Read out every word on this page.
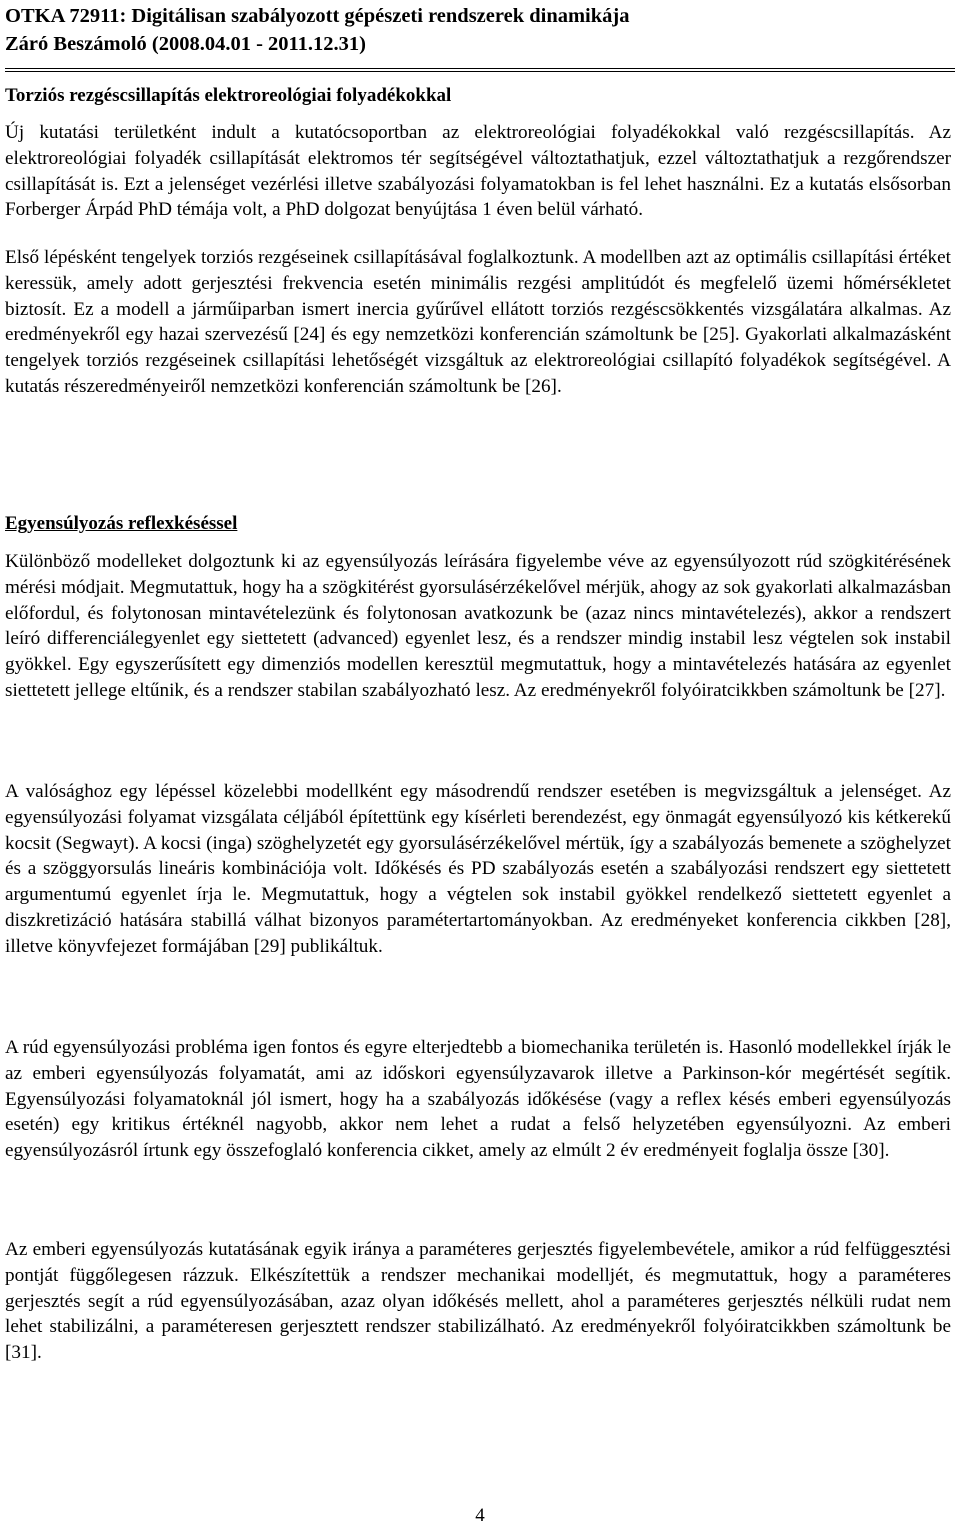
OTKA 72911: Digitálisan szabályozott gépészeti rendszerek dinamikája
Záró Beszámoló (2008.04.01 - 2011.12.31)
Torziós rezgéscsillapítás elektroreológiai folyadékokkal
Új kutatási területként indult a kutatócsoportban az elektroreológiai folyadékokkal való rezgéscsillapítás. Az elektroreológiai folyadék csillapítását elektromos tér segítségével változtathatjuk, ezzel változtathatjuk a rezgőrendszer csillapítását is. Ezt a jelenséget vezérlési illetve szabályozási folyamatokban is fel lehet használni. Ez a kutatás elsősorban Forberger Árpád PhD témája volt, a PhD dolgozat benyújtása 1 éven belül várható.
Első lépésként tengelyek torziós rezgéseinek csillapításával foglalkoztunk. A modellben azt az optimális csillapítási értéket keressük, amely adott gerjesztési frekvencia esetén minimális rezgési amplitúdót és megfelelő üzemi hőmérsékletet biztosít. Ez a modell a járműiparban ismert inercia gyűrűvel ellátott torziós rezgéscsökkentés vizsgálatára alkalmas. Az eredményekről egy hazai szervezésű [24] és egy nemzetközi konferencián számoltunk be [25]. Gyakorlati alkalmazásként tengelyek torziós rezgéseinek csillapítási lehetőségét vizsgáltuk az elektroreológiai csillapító folyadékok segítségével. A kutatás részeredményeiről nemzetközi konferencián számoltunk be [26].
Egyensúlyozás reflexkéséssel
Különböző modelleket dolgoztunk ki az egyensúlyozás leírására figyelembe véve az egyensúlyozott rúd szögkitérésének mérési módjait. Megmutattuk, hogy ha a szögkitérést gyorsulásérzékelővel mérjük, ahogy az sok gyakorlati alkalmazásban előfordul, és folytonosan mintavételezünk és folytonosan avatkozunk be (azaz nincs mintavételezés), akkor a rendszert leíró differenciálegyenlet egy siettetett (advanced) egyenlet lesz, és a rendszer mindig instabil lesz végtelen sok instabil gyökkel. Egy egyszerűsített egy dimenziós modellen keresztül megmutattuk, hogy a mintavételezés hatására az egyenlet siettetett jellege eltűnik, és a rendszer stabilan szabályozható lesz. Az eredményekről folyóiratcikkben számoltunk be [27].
A valósághoz egy lépéssel közelebbi modellként egy másodrendű rendszer esetében is megvizsgáltuk a jelenséget. Az egyensúlyozási folyamat vizsgálata céljából építettünk egy kísérleti berendezést, egy önmagát egyensúlyozó kis kétkerekű kocsit (Segwayt). A kocsi (inga) szöghelyzetét egy gyorsulásérzékelővel mértük, így a szabályozás bemenete a szöghelyzet és a szöggyorsulás lineáris kombinációja volt. Időkésés és PD szabályozás esetén a szabályozási rendszert egy siettetett argumentumú egyenlet írja le. Megmutattuk, hogy a végtelen sok instabil gyökkel rendelkező siettetett egyenlet a diszkretizáció hatására stabillá válhat bizonyos paramétertartományokban. Az eredményeket konferencia cikkben [28], illetve könyvfejezet formájában [29] publikáltuk.
A rúd egyensúlyozási probléma igen fontos és egyre elterjedtebb a biomechanika területén is. Hasonló modellekkel írják le az emberi egyensúlyozás folyamatát, ami az időskori egyensúlyzavarok illetve a Parkinson-kór megértését segítik. Egyensúlyozási folyamatoknál jól ismert, hogy ha a szabályozás időkésése (vagy a reflex késés emberi egyensúlyozás esetén) egy kritikus értéknél nagyobb, akkor nem lehet a rudat a felső helyzetében egyensúlyozni. Az emberi egyensúlyozásról írtunk egy összefoglaló konferencia cikket, amely az elmúlt 2 év eredményeit foglalja össze [30].
Az emberi egyensúlyozás kutatásának egyik iránya a paraméteres gerjesztés figyelembevétele, amikor a rúd felfüggesztési pontját függőlegesen rázzuk. Elkészítettük a rendszer mechanikai modelljét, és megmutattuk, hogy a paraméteres gerjesztés segít a rúd egyensúlyozásában, azaz olyan időkésés mellett, ahol a paraméteres gerjesztés nélküli rudat nem lehet stabilizálni, a paraméteresen gerjesztett rendszer stabilizálható. Az eredményekről folyóiratcikkben számoltunk be [31].
4
